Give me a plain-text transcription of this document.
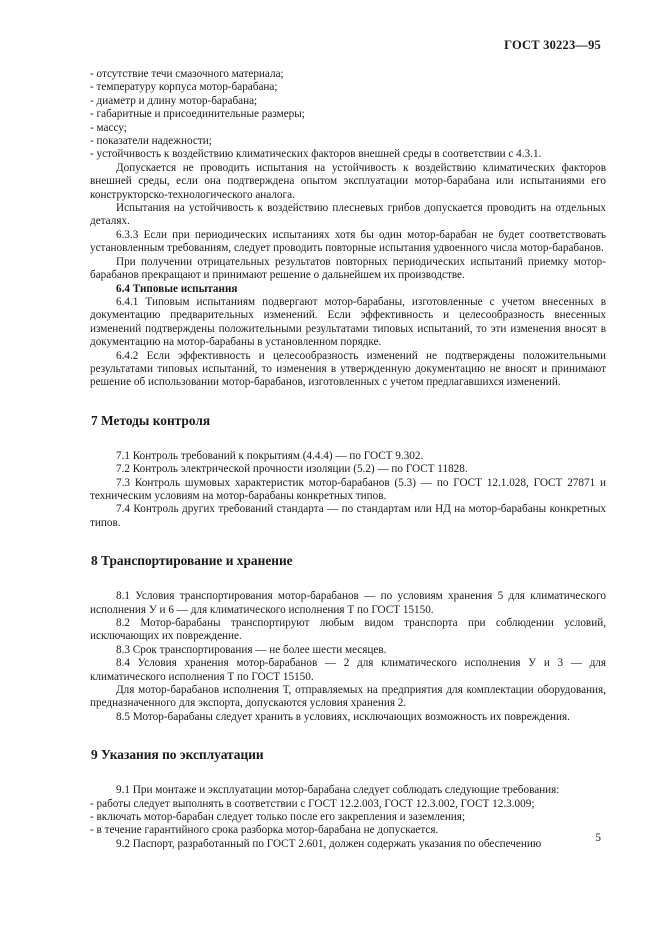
ГОСТ 30223—95

- отсутствие течи смазочного материала;

- температуру корпуса мотор-барабана;

- диаметр и длину мотор-барабана;

- габаритные и присоединительные размеры;

- массу;

- показатели надежности;

- устойчивость к воздействию климатических факторов внешней среды в соответствии с 4.3.1.

Допускается не проводить испытания на устойчивость к воздействию климатических факторов внешней среды, если она подтверждена опытом эксплуатации мотор-барабана или испытаниями его конструкторско-технологического аналога.

Испытания на устойчивость к воздействию плесневых грибов допускается проводить на отдельных деталях.

6.3.3 Если при периодических испытаниях хотя бы один мотор-барабан не будет соответствовать установленным требованиям, следует проводить повторные испытания удвоенного числа мотор-барабанов.

При получении отрицательных результатов повторных периодических испытаний приемку мотор-барабанов прекращают и принимают решение о дальнейшем их производстве.

6.4 Типовые испытания

6.4.1 Типовым испытаниям подвергают мотор-барабаны, изготовленные с учетом внесенных в документацию предварительных изменений. Если эффективность и целесообразность внесенных изменений подтверждены положительными результатами типовых испытаний, то эти изменения вносят в документацию на мотор-барабаны в установленном порядке.

6.4.2 Если эффективность и целесообразность изменений не подтверждены положительными результатами типовых испытаний, то изменения в утвержденную документацию не вносят и принимают решение об использовании мотор-барабанов, изготовленных с учетом предлагавшихся изменений.

7 Методы контроля

7.1 Контроль требований к покрытиям (4.4.4) — по ГОСТ 9.302.

7.2 Контроль электрической прочности изоляции (5.2) — по ГОСТ 11828.

7.3 Контроль шумовых характеристик мотор-барабанов (5.3) — по ГОСТ 12.1.028, ГОСТ 27871 и техническим условиям на мотор-барабаны конкретных типов.

7.4 Контроль других требований стандарта — по стандартам или НД на мотор-барабаны конкретных типов.

8 Транспортирование и хранение

8.1 Условия транспортирования мотор-барабанов — по условиям хранения 5 для климатического исполнения У и 6 — для климатического исполнения Т по ГОСТ 15150.

8.2 Мотор-барабаны транспортируют любым видом транспорта при соблюдении условий, исключающих их повреждение.

8.3 Срок транспортирования — не более шести месяцев.

8.4 Условия хранения мотор-барабанов — 2 для климатического исполнения У и 3 — для климатического исполнения Т по ГОСТ 15150.

Для мотор-барабанов исполнения Т, отправляемых на предприятия для комплектации оборудования, предназначенного для экспорта, допускаются условия хранения 2.

8.5 Мотор-барабаны следует хранить в условиях, исключающих возможность их повреждения.

9 Указания по эксплуатации

9.1 При монтаже и эксплуатации мотор-барабана следует соблюдать следующие требования:

- работы следует выполнять в соответствии с ГОСТ 12.2.003, ГОСТ 12.3.002, ГОСТ 12.3.009;

- включать мотор-барабан следует только после его закрепления и заземления;

- в течение гарантийного срока разборка мотор-барабана не допускается.

9.2 Паспорт, разработанный по ГОСТ 2.601, должен содержать указания по обеспечению	5
